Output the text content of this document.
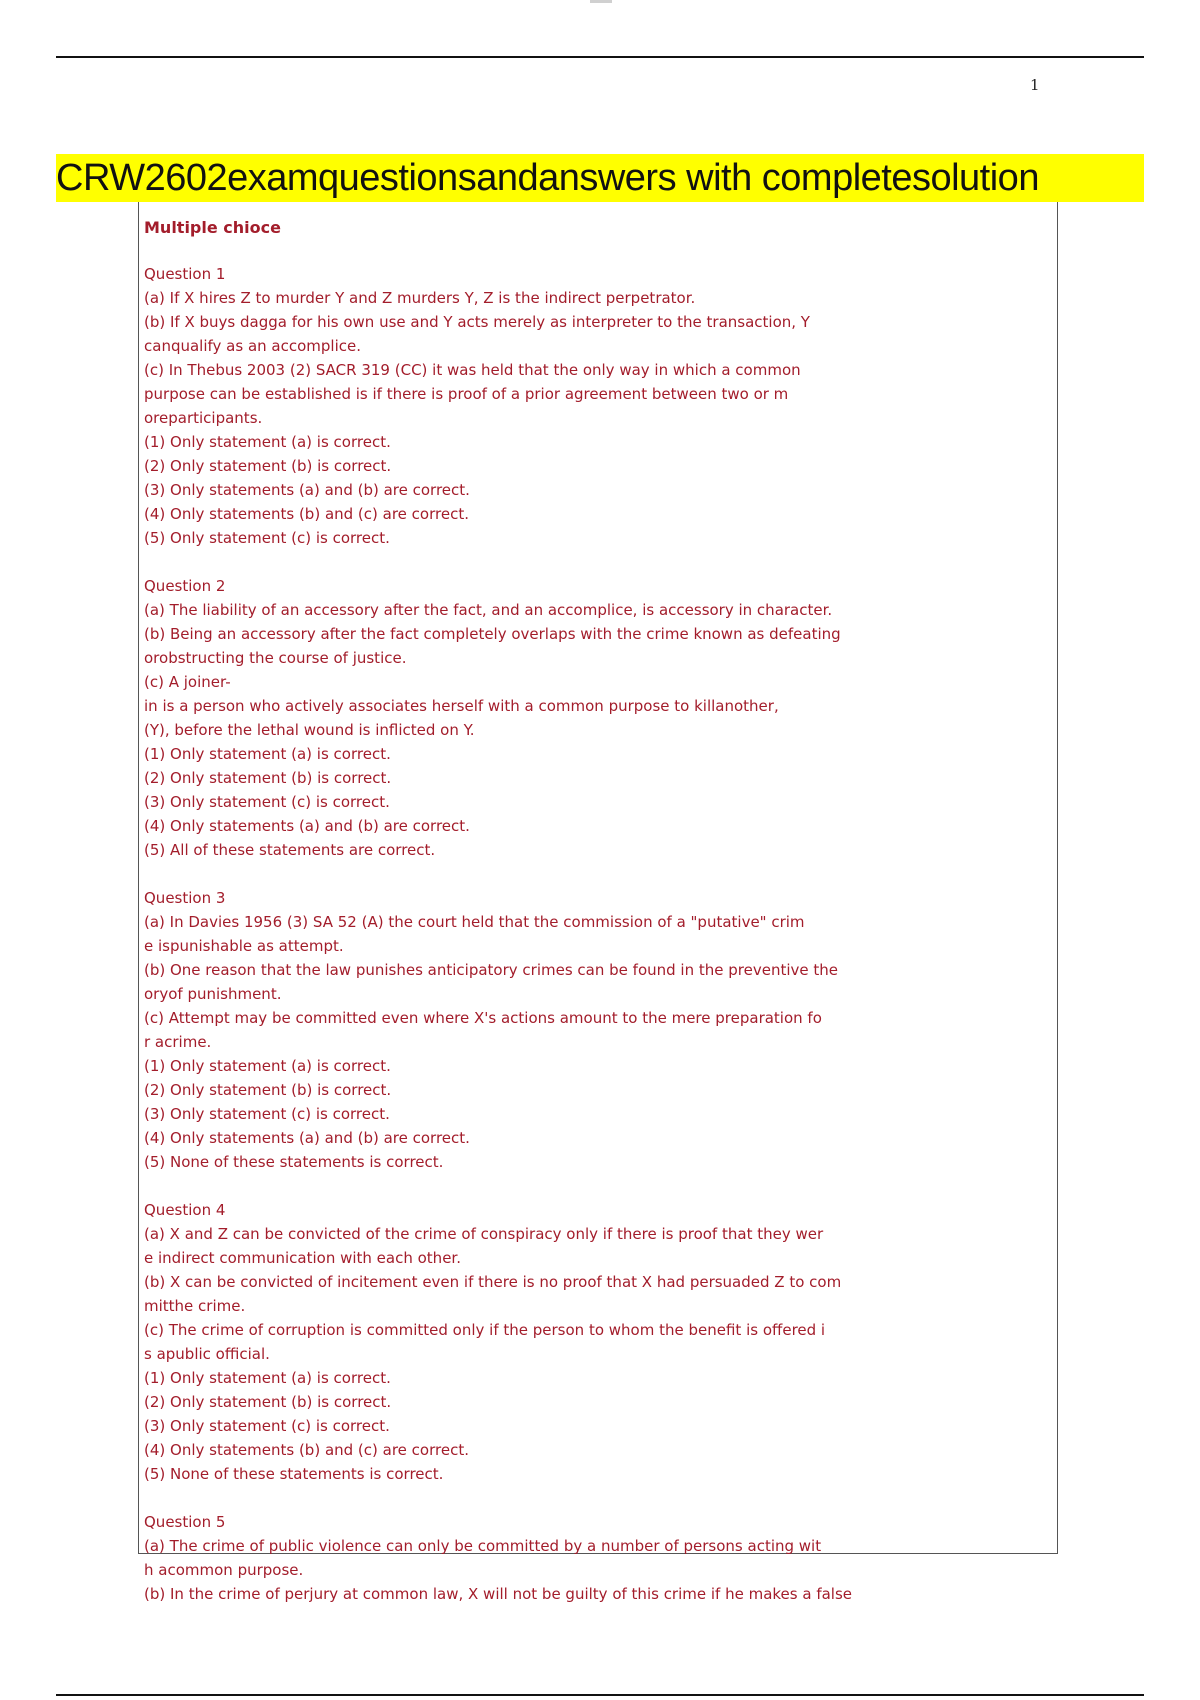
1
CRW2602examquestionsandanswers with completesolution
Multiple chioce
Question 1
(a) If X hires Z to murder Y and Z murders Y, Z is the indirect perpetrator.
(b) If X buys dagga for his own use and Y acts merely as interpreter to the transaction, Y
canqualify as an accomplice.
(c) In Thebus 2003 (2) SACR 319 (CC) it was held that the only way in which a common
purpose can be established is if there is proof of a prior agreement between two or m
oreparticipants.
(1) Only statement (a) is correct.
(2) Only statement (b) is correct.
(3) Only statements (a) and (b) are correct.
(4) Only statements (b) and (c) are correct.
(5) Only statement (c) is correct.
Question 2
(a) The liability of an accessory after the fact, and an accomplice, is accessory in character.
(b) Being an accessory after the fact completely overlaps with the crime known as defeating
orobstructing the course of justice.
(c) A joiner-
in is a person who actively associates herself with a common purpose to killanother,
(Y), before the lethal wound is inflicted on Y.
(1) Only statement (a) is correct.
(2) Only statement (b) is correct.
(3) Only statement (c) is correct.
(4) Only statements (a) and (b) are correct.
(5) All of these statements are correct.
Question 3
(a) In Davies 1956 (3) SA 52 (A) the court held that the commission of a "putative" crim
e ispunishable as attempt.
(b) One reason that the law punishes anticipatory crimes can be found in the preventive the
oryof punishment.
(c) Attempt may be committed even where X's actions amount to the mere preparation fo
r acrime.
(1) Only statement (a) is correct.
(2) Only statement (b) is correct.
(3) Only statement (c) is correct.
(4) Only statements (a) and (b) are correct.
(5) None of these statements is correct.
Question 4
(a) X and Z can be convicted of the crime of conspiracy only if there is proof that they wer
e indirect communication with each other.
(b) X can be convicted of incitement even if there is no proof that X had persuaded Z to com
mitthe crime.
(c) The crime of corruption is committed only if the person to whom the benefit is offered i
s apublic official.
(1) Only statement (a) is correct.
(2) Only statement (b) is correct.
(3) Only statement (c) is correct.
(4) Only statements (b) and (c) are correct.
(5) None of these statements is correct.
Question 5
(a) The crime of public violence can only be committed by a number of persons acting wit
h acommon purpose.
(b) In the crime of perjury at common law, X will not be guilty of this crime if he makes a false
